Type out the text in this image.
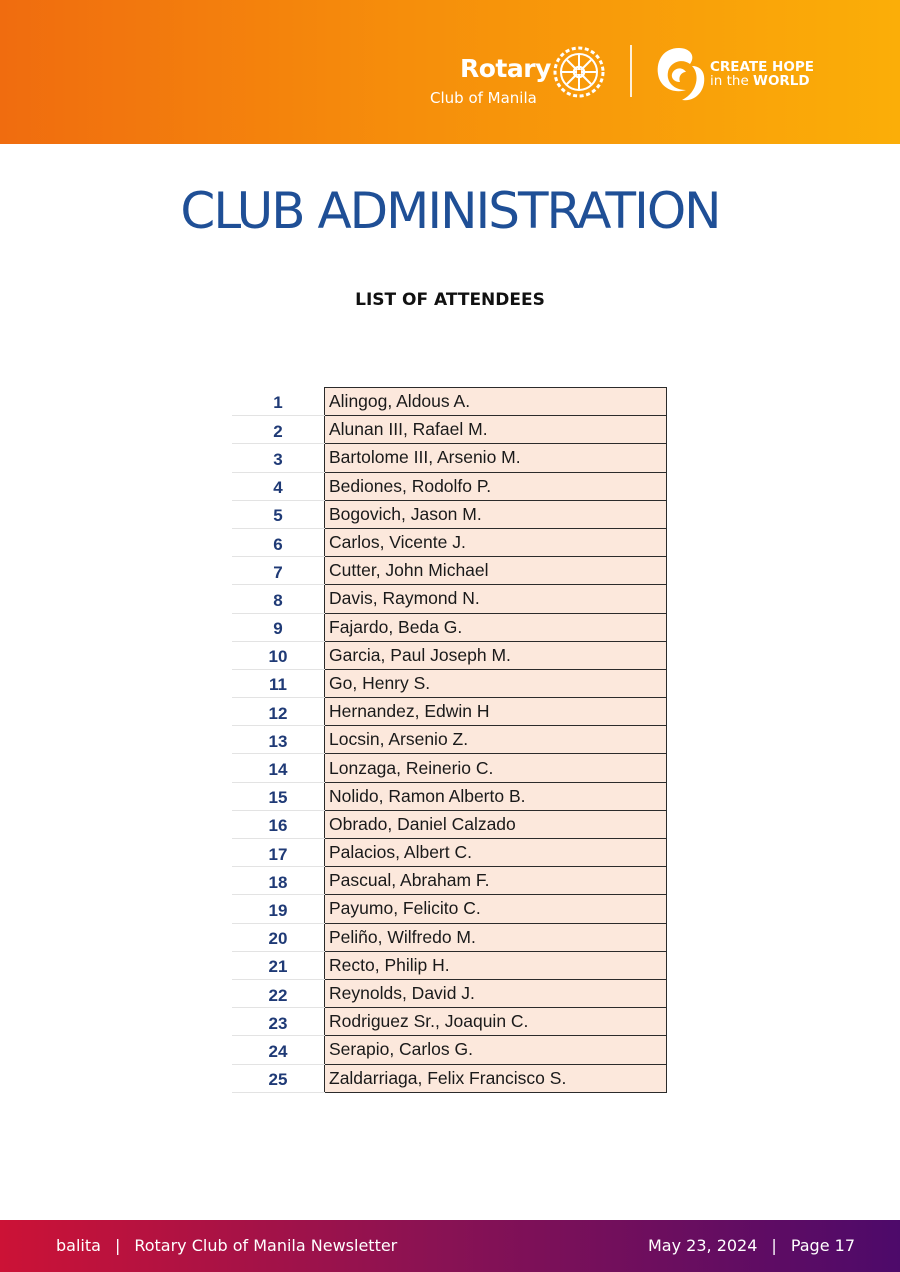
Rotary
Club of Manila
CREATE HOPE
in the WORLD
CLUB ADMINISTRATION
LIST OF ATTENDEES
1	Alingog, Aldous A.
2	Alunan III, Rafael M.
3	Bartolome III, Arsenio M.
4	Bediones, Rodolfo P.
5	Bogovich, Jason M.
6	Carlos, Vicente J.
7	Cutter, John Michael
8	Davis, Raymond N.
9	Fajardo, Beda G.
10	Garcia, Paul Joseph M.
11	Go, Henry S.
12	Hernandez, Edwin H
13	Locsin, Arsenio Z.
14	Lonzaga, Reinerio C.
15	Nolido, Ramon Alberto B.
16	Obrado, Daniel Calzado
17	Palacios, Albert C.
18	Pascual, Abraham F.
19	Payumo, Felicito C.
20	Peliño, Wilfredo M.
21	Recto, Philip H.
22	Reynolds, David J.
23	Rodriguez Sr., Joaquin C.
24	Serapio, Carlos G.
25	Zaldarriaga, Felix Francisco S.
balita | Rotary Club of Manila Newsletter	May 23, 2024 | Page 17
